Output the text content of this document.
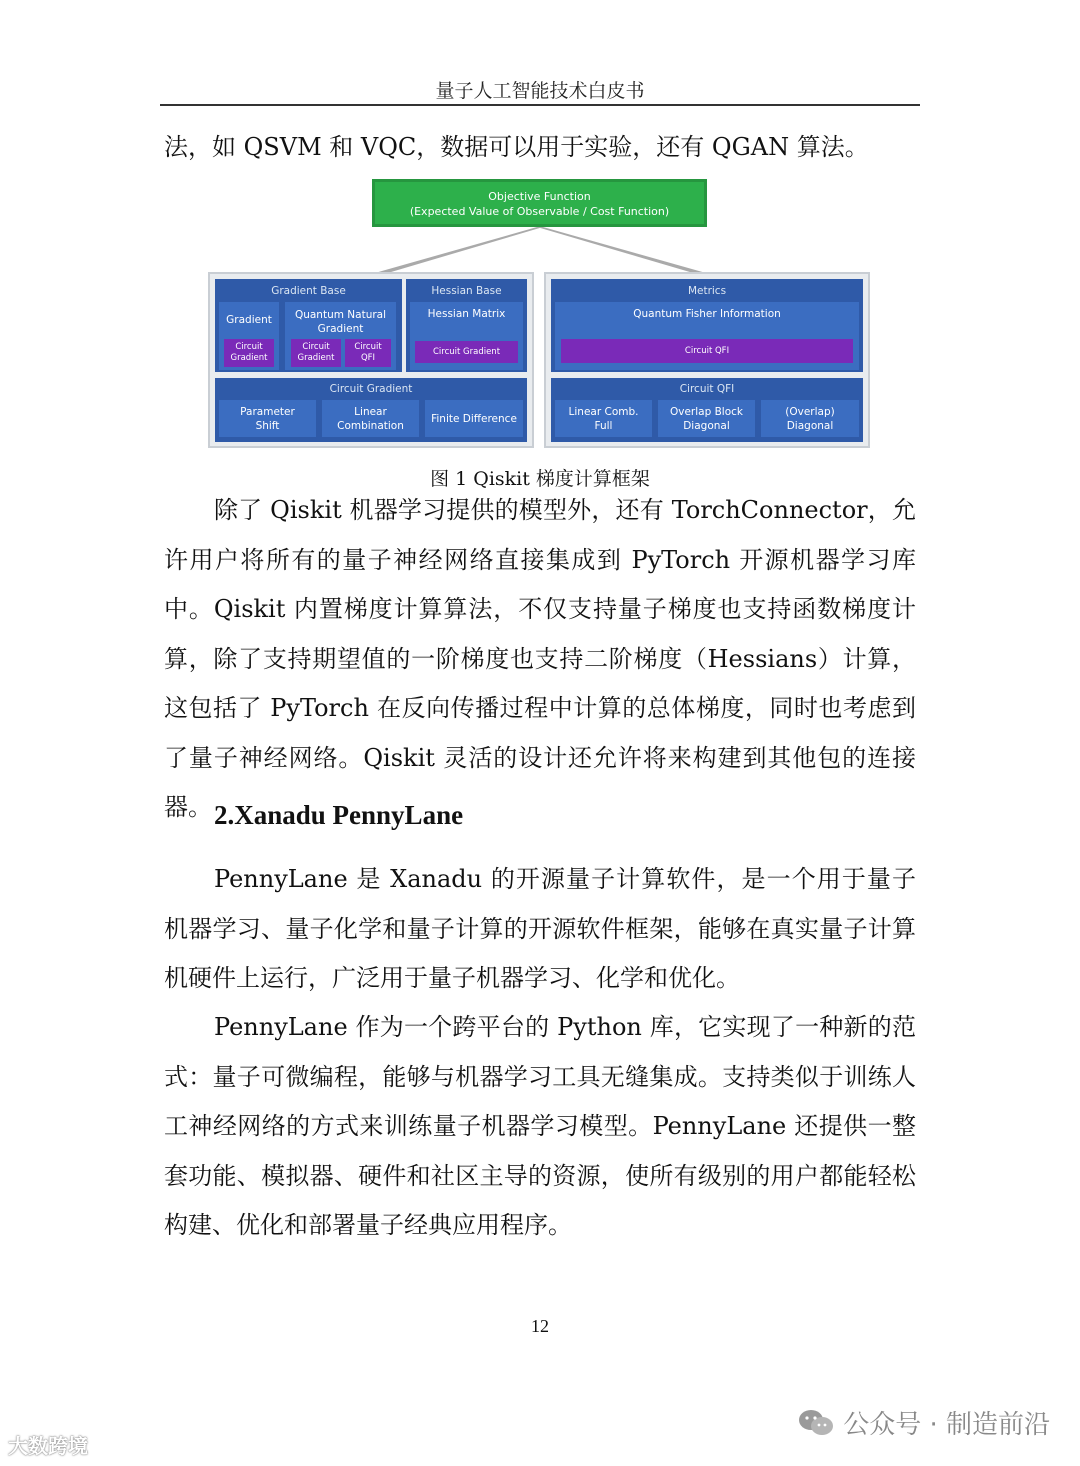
量子人工智能技术白皮书

法，如 QSVM 和 VQC，数据可以用于实验，还有 QGAN 算法。

Objective Function
(Expected Value of Observable / Cost Function)
Gradient Base
Gradient
Circuit
Gradient
Quantum Natural
Gradient
Circuit
Gradient
Circuit
QFI
Hessian Base
Hessian Matrix
Circuit Gradient
Circuit Gradient
Parameter
Shift
Linear
Combination
Finite Difference
Metrics
Quantum Fisher Information
Circuit QFI
Circuit QFI
Linear Comb.
Full
Overlap Block
Diagonal
(Overlap)
Diagonal
图 1 Qiskit 梯度计算框架

除了 Qiskit 机器学习提供的模型外，还有 TorchConnector，允许用户将所有的量子神经网络直接集成到 PyTorch 开源机器学习库中。Qiskit 内置梯度计算算法，不仅支持量子梯度也支持函数梯度计算，除了支持期望值的一阶梯度也支持二阶梯度（Hessians）计算，这包括了 PyTorch 在反向传播过程中计算的总体梯度，同时也考虑到了量子神经网络。Qiskit 灵活的设计还允许将来构建到其他包的连接器。 2.Xanadu PennyLane

PennyLane 是 Xanadu 的开源量子计算软件，是一个用于量子机器学习、量子化学和量子计算的开源软件框架，能够在真实量子计算机硬件上运行，广泛用于量子机器学习、化学和优化。

PennyLane 作为一个跨平台的 Python 库，它实现了一种新的范式：量子可微编程，能够与机器学习工具无缝集成。支持类似于训练人工神经网络的方式来训练量子机器学习模型。PennyLane 还提供一整套功能、模拟器、硬件和社区主导的资源，使所有级别的用户都能轻松构建、优化和部署量子经典应用程序。

12
大数跨境
公众号 · 制造前沿
